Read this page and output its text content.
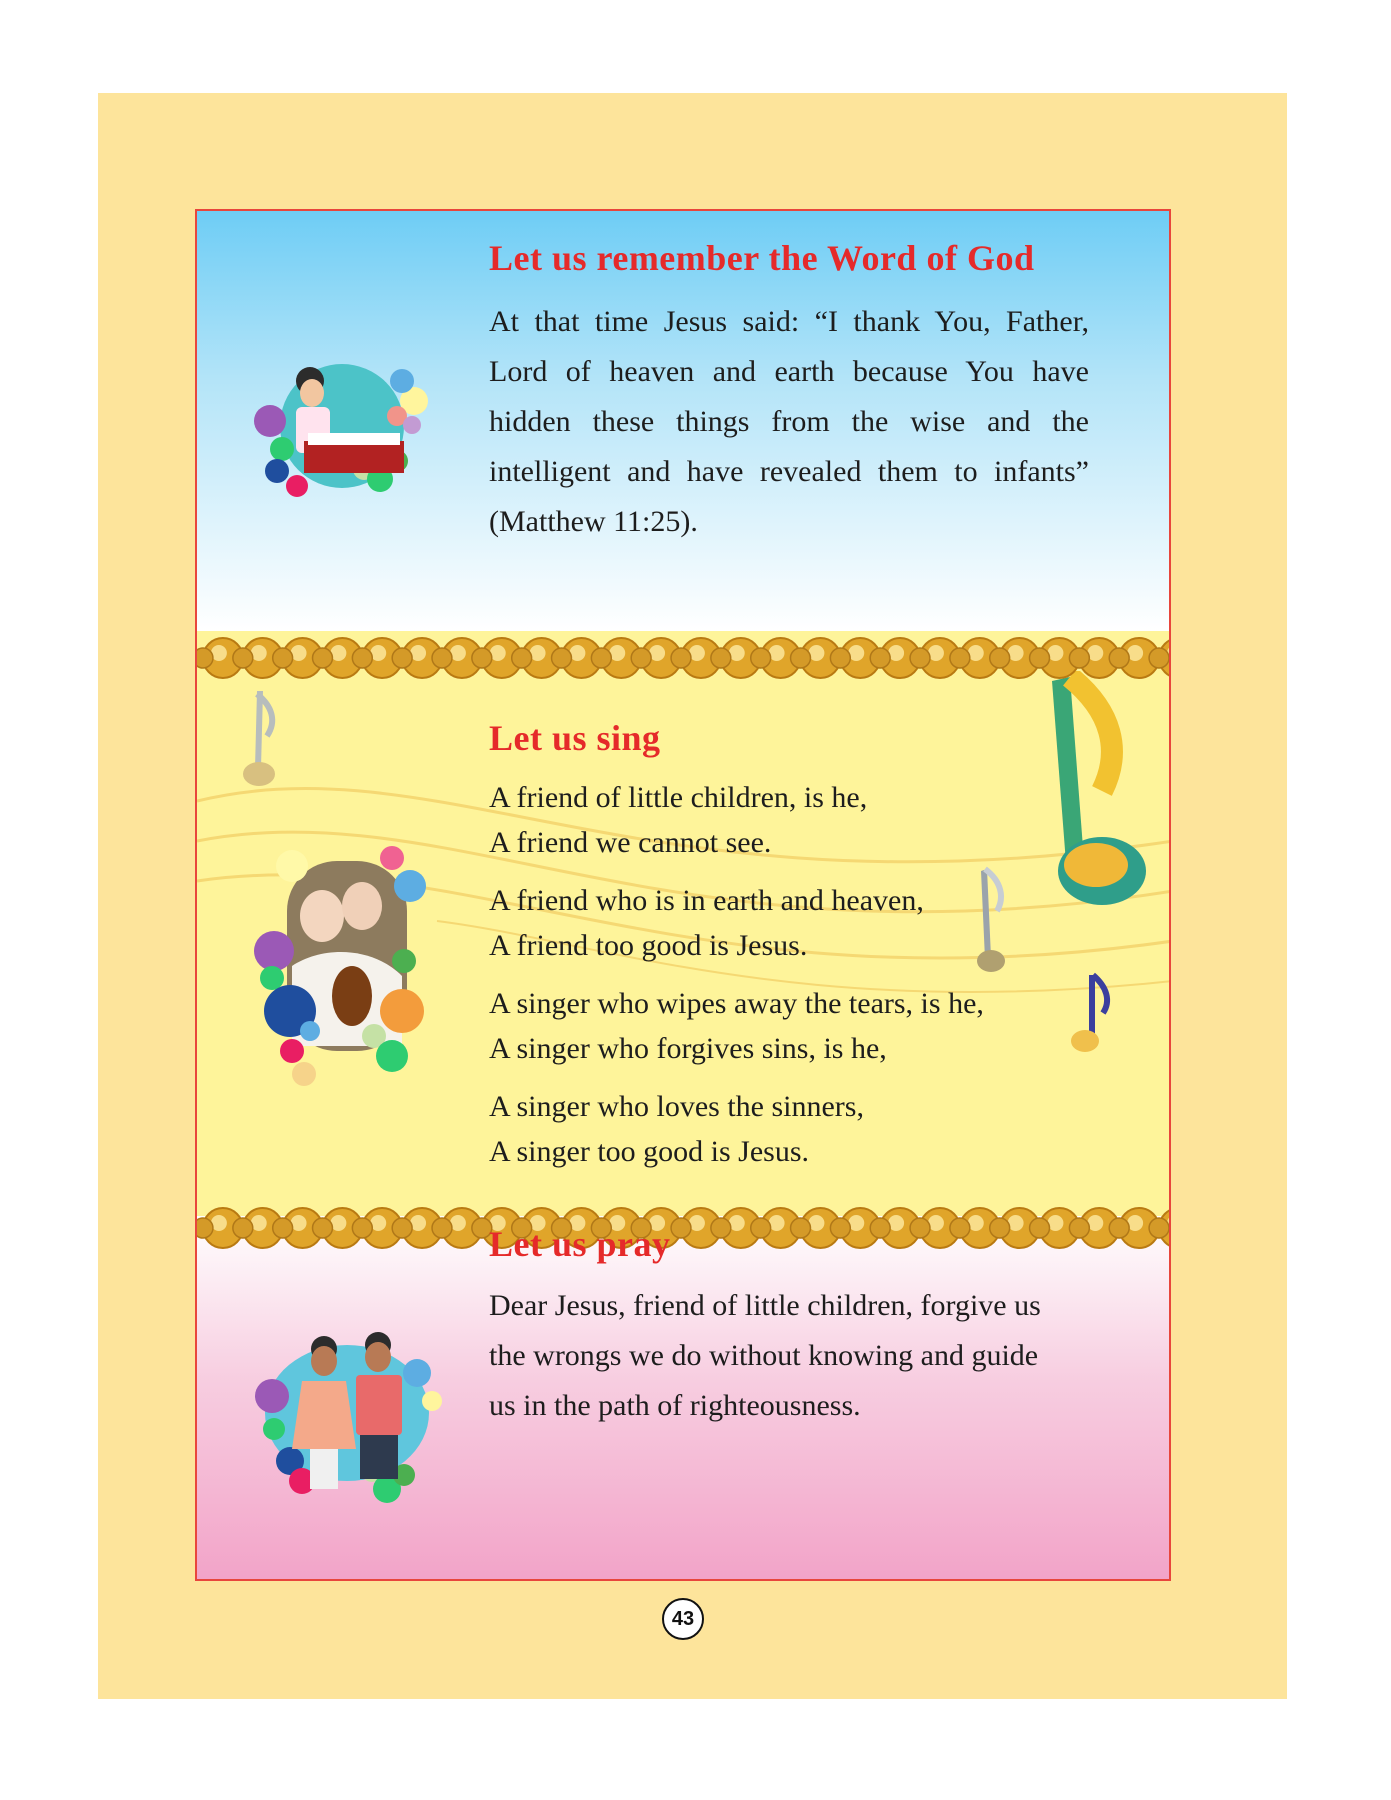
Let us remember the Word of God

At that time Jesus said: “I thank You, Father, Lord of heaven and earth because You have hidden these things from the wise and the intelligent and have revealed them to infants” (Matthew 11:25).

Let us sing
A friend of little children, is he,
A friend we cannot see.
A friend who is in earth and heaven,
A friend too good is Jesus.
A singer who wipes away the tears, is he,
A singer who forgives sins, is he,
A singer who loves the sinners,
A singer too good is Jesus.
Let us pray

Dear Jesus, friend of little children, forgive us the wrongs we do without knowing and guide us in the path of righteousness.

43
